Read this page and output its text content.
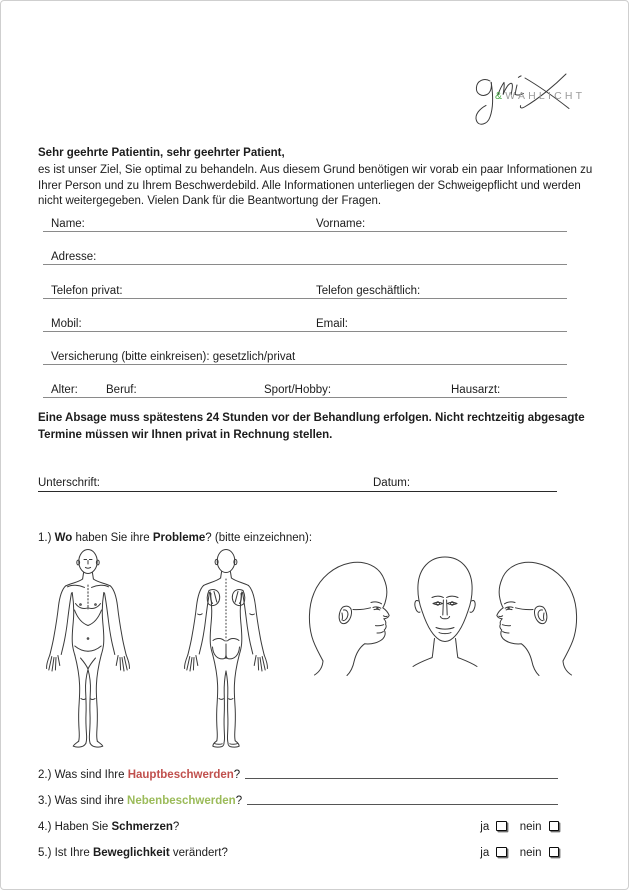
&WAHLICHT
Sehr geehrte Patientin, sehr geehrter Patient,
es ist unser Ziel, Sie optimal zu behandeln. Aus diesem Grund benötigen wir vorab ein paar Informationen zu Ihrer Person und zu Ihrem Beschwerdebild. Alle Informationen unterliegen der Schweigepflicht und werden nicht weitergegeben. Vielen Dank für die Beantwortung der Fragen.
Name:	Vorname:
Adresse:
Telefon privat:	Telefon geschäftlich:
Mobil:	Email:
Versicherung (bitte einkreisen): gesetzlich/privat
Alter: Beruf:	Sport/Hobby:	Hausarzt:
Eine Absage muss spätestens 24 Stunden vor der Behandlung erfolgen. Nicht rechtzeitig abgesagte Termine müssen wir Ihnen privat in Rechnung stellen.
Unterschrift:	Datum:
1.) Wo haben Sie ihre Probleme? (bitte einzeichnen):
2.) Was sind Ihre Hauptbeschwerden ?
3.) Was sind ihre Nebenbeschwerden ?
4.) Haben Sie Schmerzen ?	ja	nein
5.) Ist Ihre Beweglichkeit verändert?	ja	nein
